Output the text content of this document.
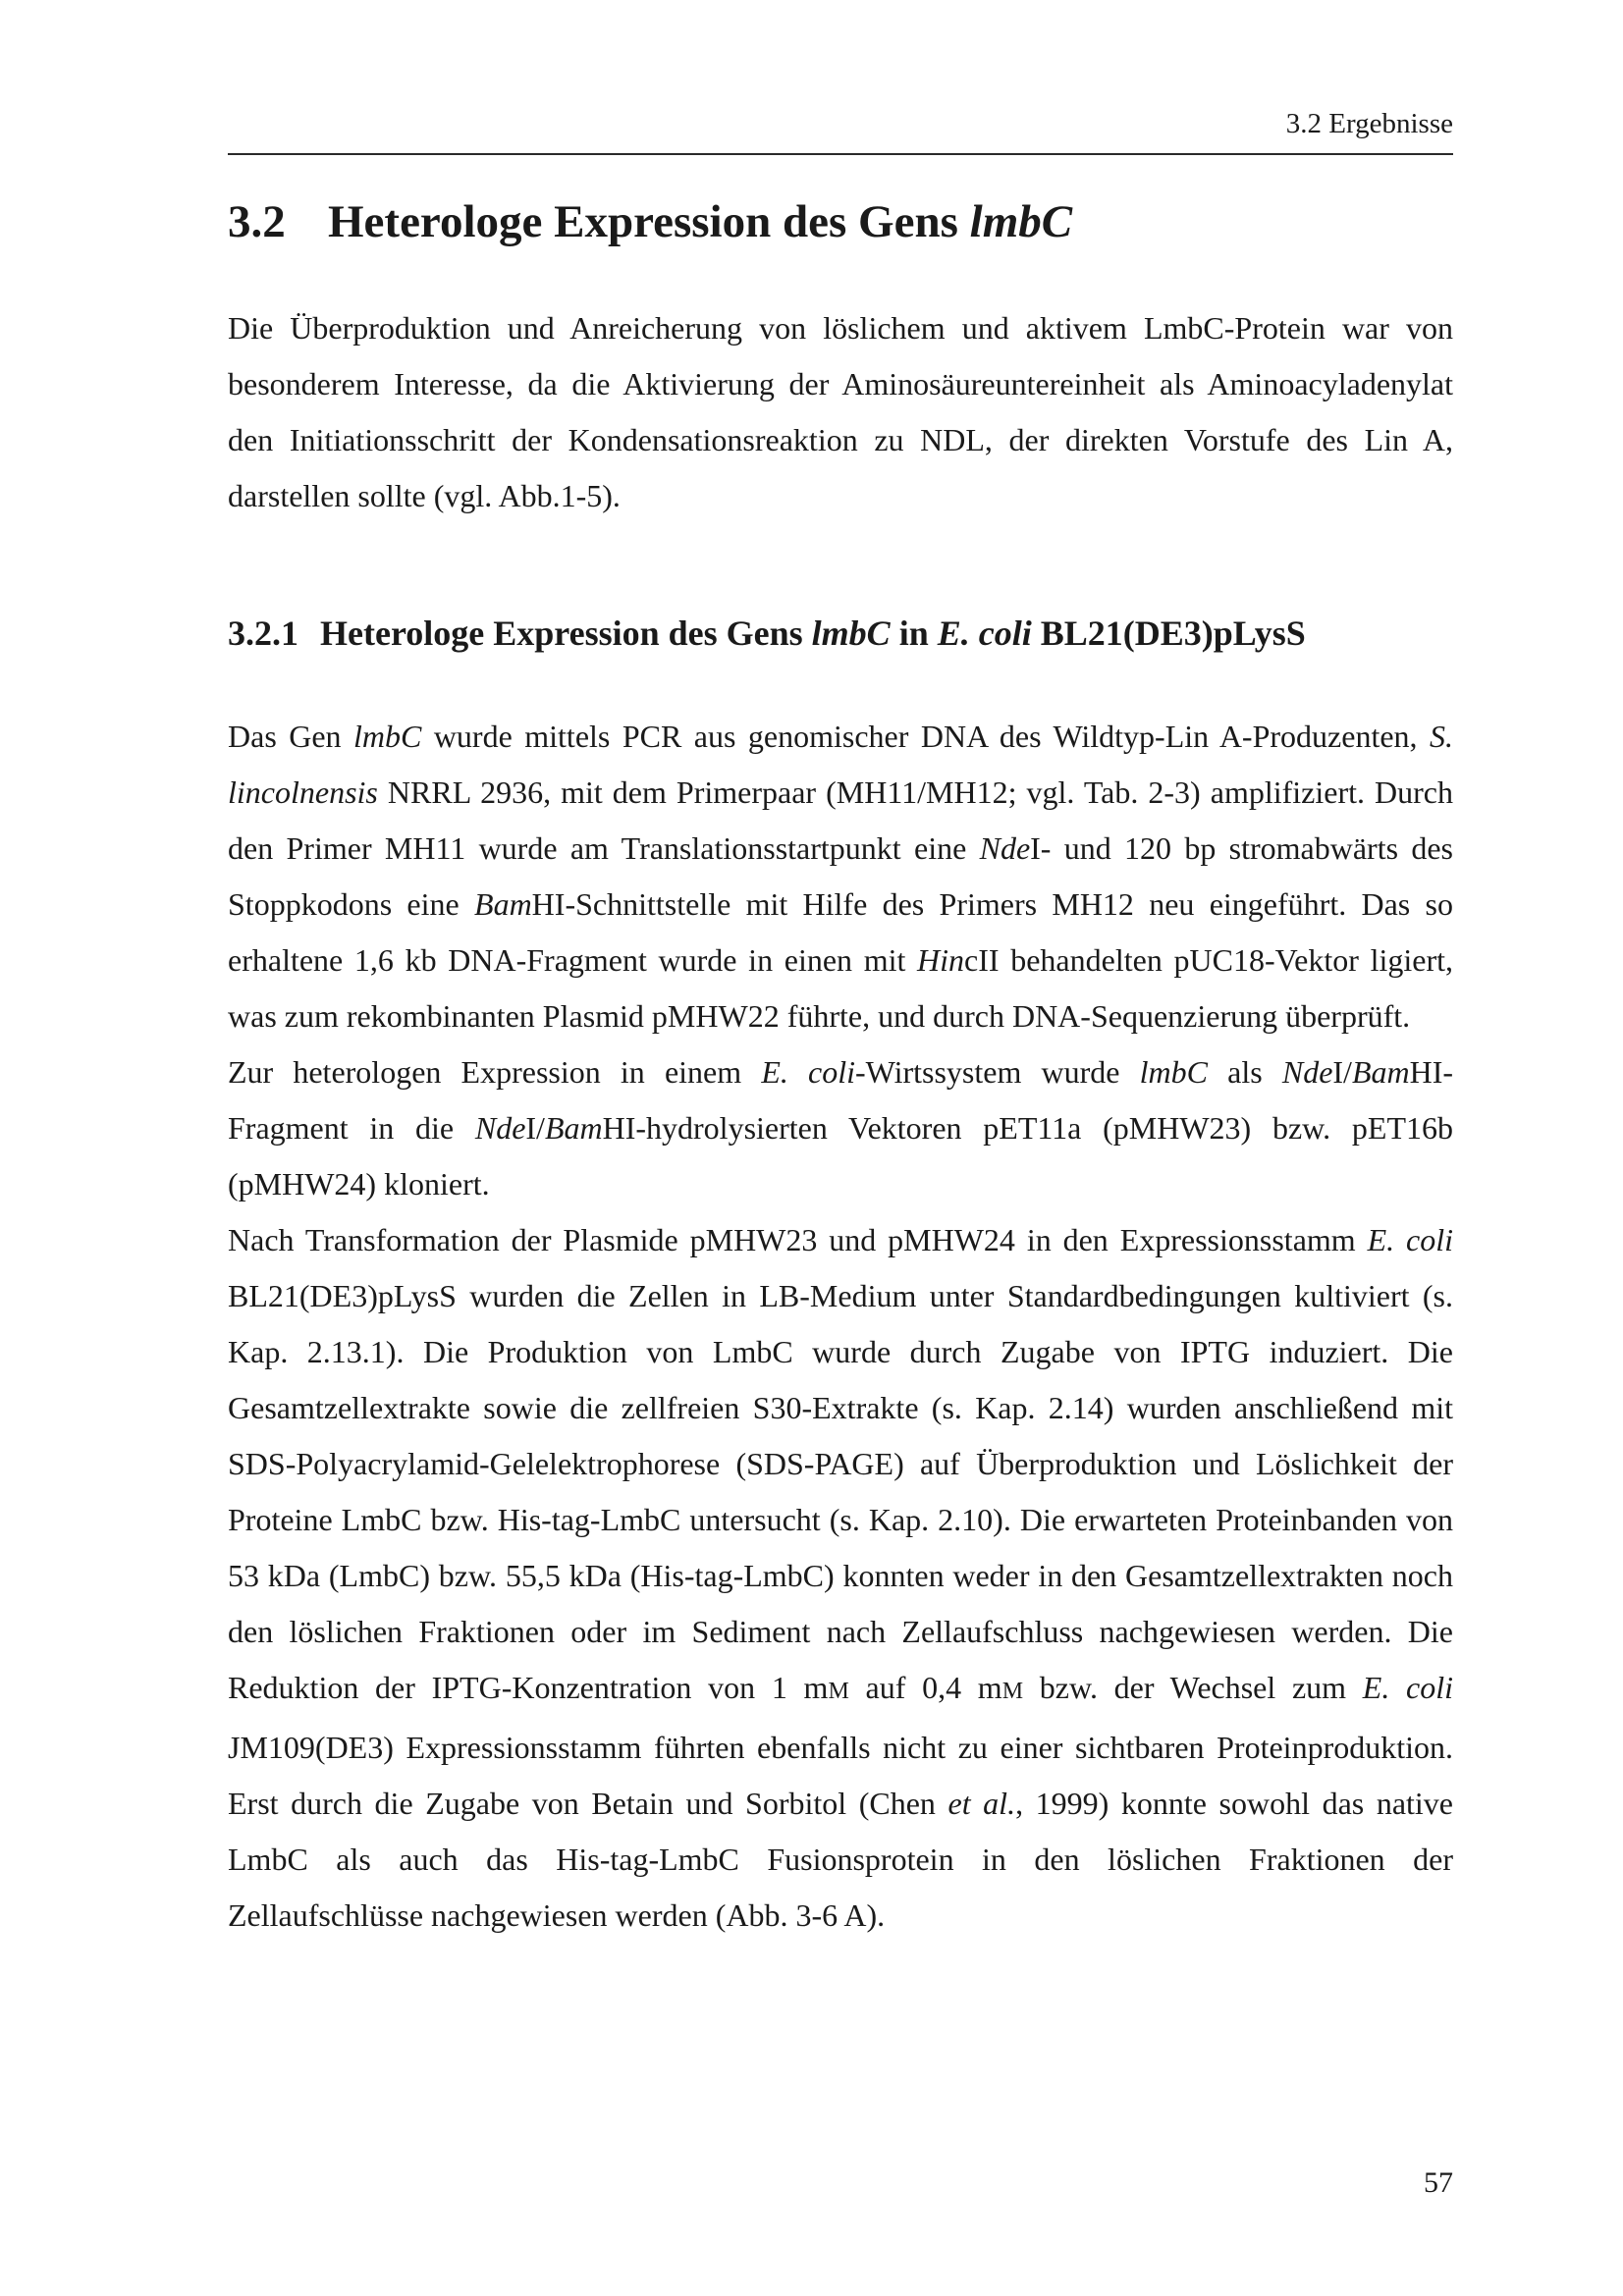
3.2 Ergebnisse
3.2 Heterologe Expression des Gens lmbC

Die Überproduktion und Anreicherung von löslichem und aktivem LmbC-Protein war von besonderem Interesse, da die Aktivierung der Aminosäureuntereinheit als Aminoacyladenylat den Initiationsschritt der Kondensationsreaktion zu NDL, der direkten Vorstufe des Lin A, darstellen sollte (vgl. Abb.1-5).

3.2.1 Heterologe Expression des Gens lmbC in E. coli BL21(DE3)pLysS
Das Gen lmbC wurde mittels PCR aus genomischer DNA des Wildtyp-Lin A-Produzenten, S. lincolnensis NRRL 2936, mit dem Primerpaar (MH11/MH12; vgl. Tab. 2-3) amplifiziert. Durch den Primer MH11 wurde am Translationsstartpunkt eine NdeI- und 120 bp stromabwärts des Stoppkodons eine BamHI-Schnittstelle mit Hilfe des Primers MH12 neu eingeführt. Das so erhaltene 1,6 kb DNA-Fragment wurde in einen mit HincII behandelten pUC18-Vektor ligiert, was zum rekombinanten Plasmid pMHW22 führte, und durch DNA-Sequenzierung überprüft.
Zur heterologen Expression in einem E. coli-Wirtssystem wurde lmbC als NdeI/BamHI-Fragment in die NdeI/BamHI-hydrolysierten Vektoren pET11a (pMHW23) bzw. pET16b (pMHW24) kloniert.
Nach Transformation der Plasmide pMHW23 und pMHW24 in den Expressionsstamm E. coli BL21(DE3)pLysS wurden die Zellen in LB-Medium unter Standardbedingungen kultiviert (s. Kap. 2.13.1). Die Produktion von LmbC wurde durch Zugabe von IPTG induziert. Die Gesamtzellextrakte sowie die zellfreien S30-Extrakte (s. Kap. 2.14) wurden anschließend mit SDS-Polyacrylamid-Gelelektrophorese (SDS-PAGE) auf Überproduktion und Löslichkeit der Proteine LmbC bzw. His-tag-LmbC untersucht (s. Kap. 2.10). Die erwarteten Proteinbanden von 53 kDa (LmbC) bzw. 55,5 kDa (His-tag-LmbC) konnten weder in den Gesamtzellextrakten noch den löslichen Fraktionen oder im Sediment nach Zellaufschluss nachgewiesen werden. Die Reduktion der IPTG-Konzentration von 1 mM auf 0,4 mM bzw. der Wechsel zum E. coli JM109(DE3) Expressionsstamm führten ebenfalls nicht zu einer sichtbaren Proteinproduktion. Erst durch die Zugabe von Betain und Sorbitol (Chen et al., 1999) konnte sowohl das native LmbC als auch das His-tag-LmbC Fusionsprotein in den löslichen Fraktionen der Zellaufschlüsse nachgewiesen werden (Abb. 3-6 A).
57
